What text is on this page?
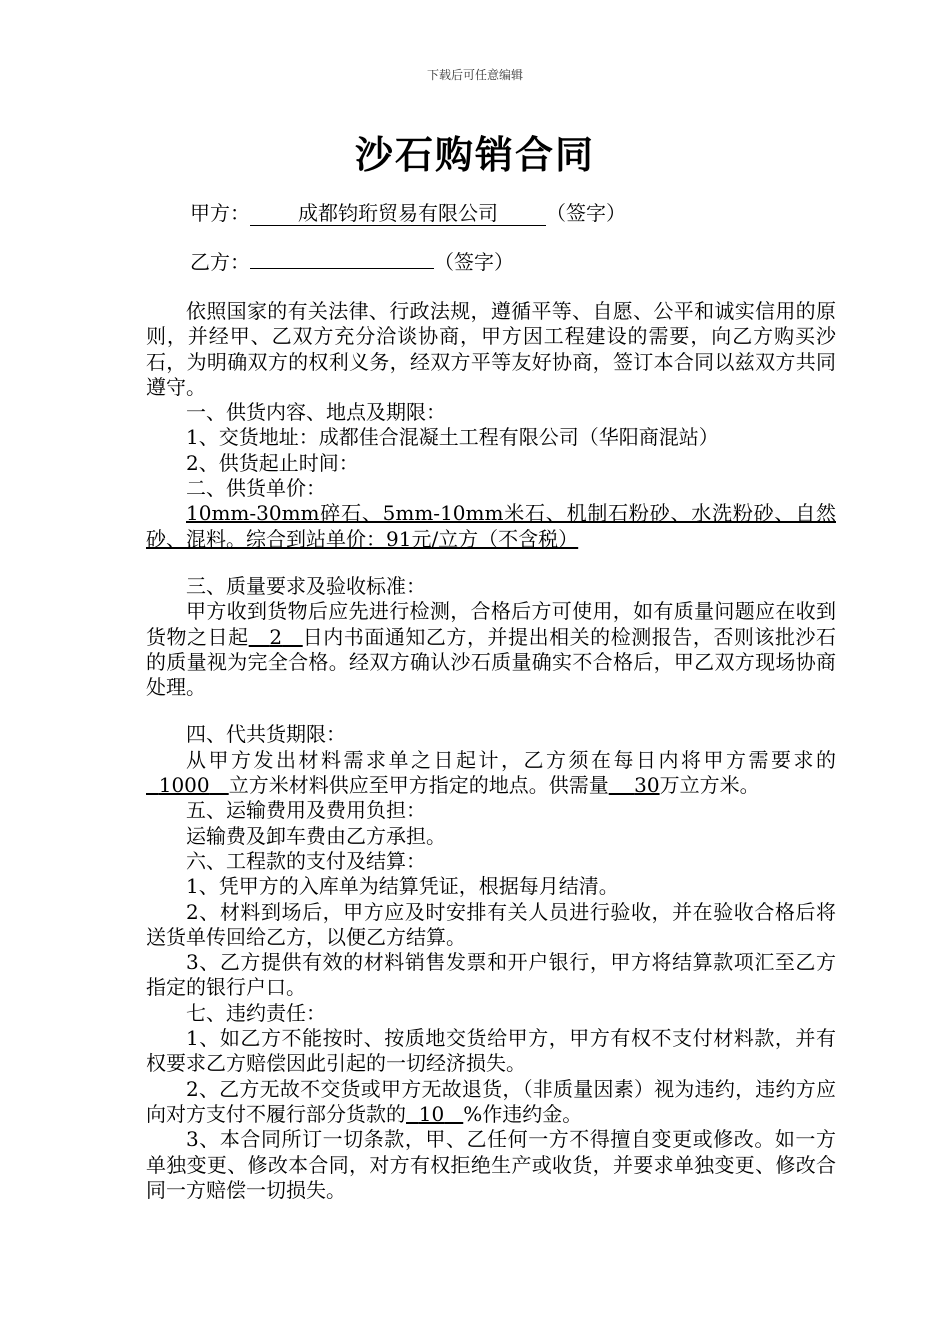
下载后可任意编辑
沙石购销合同
甲方： 成都钧珩贸易有限公司 （签字）
乙方：	（签字）

依照国家的有关法律、行政法规，遵循平等、自愿、公平和诚实信用的原则，并经甲、乙双方充分洽谈协商，甲方因工程建设的需要，向乙方购买沙石，为明确双方的权利义务，经双方平等友好协商，签订本合同以兹双方共同遵守。

一、供货内容、地点及期限：

1、交货地址：成都佳合混凝土工程有限公司（华阳商混站）

2、供货起止时间：

二、供货单价：

10mm-30mm碎石、5mm-10mm米石、机制石粉砂、水洗粉砂、自然砂、混料。综合到站单价：91元/立方（不含税）

三、质量要求及验收标准：

甲方收到货物后应先进行检测，合格后方可使用，如有质量问题应在收到货物之日起 2 日内书面通知乙方，并提出相关的检测报告，否则该批沙石的质量视为完全合格。经双方确认沙石质量确实不合格后，甲乙双方现场协商处理。

四、代共货期限：

从甲方发出材料需求单之日起计，乙方须在每日内将甲方需要求的  1000 立方米材料供应至甲方指定的地点。供需量 30万立方米。

五、运输费用及费用负担：

运输费及卸车费由乙方承担。

六、工程款的支付及结算：

1、凭甲方的入库单为结算凭证，根据每月结清。

2、材料到场后，甲方应及时安排有关人员进行验收，并在验收合格后将送货单传回给乙方，以便乙方结算。

3、乙方提供有效的材料销售发票和开户银行，甲方将结算款项汇至乙方指定的银行户口。

七、违约责任：

1、如乙方不能按时、按质地交货给甲方，甲方有权不支付材料款，并有权要求乙方赔偿因此引起的一切经济损失。

2、乙方无故不交货或甲方无故退货，（非质量因素）视为违约，违约方应向对方支付不履行部分货款的 10 %作违约金。

3、本合同所订一切条款，甲、乙任何一方不得擅自变更或修改。如一方单独变更、修改本合同，对方有权拒绝生产或收货，并要求单独变更、修改合同一方赔偿一切损失。
